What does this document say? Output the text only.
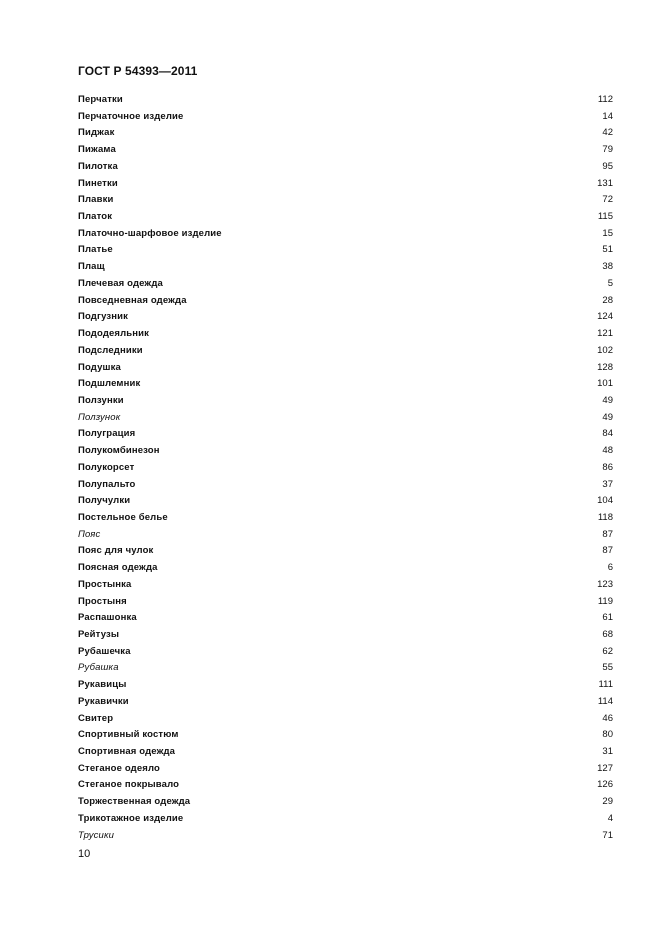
ГОСТ Р 54393—2011
Перчатки	112
Перчаточное изделие	14
Пиджак	42
Пижама	79
Пилотка	95
Пинетки	131
Плавки	72
Платок	115
Платочно-шарфовое изделие	15
Платье	51
Плащ	38
Плечевая одежда	5
Повседневная одежда	28
Подгузник	124
Пододеяльник	121
Подследники	102
Подушка	128
Подшлемник	101
Ползунки	49
Ползунок	49
Полуграция	84
Полукомбинезон	48
Полукорсет	86
Полупальто	37
Получулки	104
Постельное белье	118
Пояс	87
Пояс для чулок	87
Поясная одежда	6
Простынка	123
Простыня	119
Распашонка	61
Рейтузы	68
Рубашечка	62
Рубашка	55
Рукавицы	111
Рукавички	114
Свитер	46
Спортивный костюм	80
Спортивная одежда	31
Стеганое одеяло	127
Стеганое покрывало	126
Торжественная одежда	29
Трикотажное изделие	4
Трусики	71
10
